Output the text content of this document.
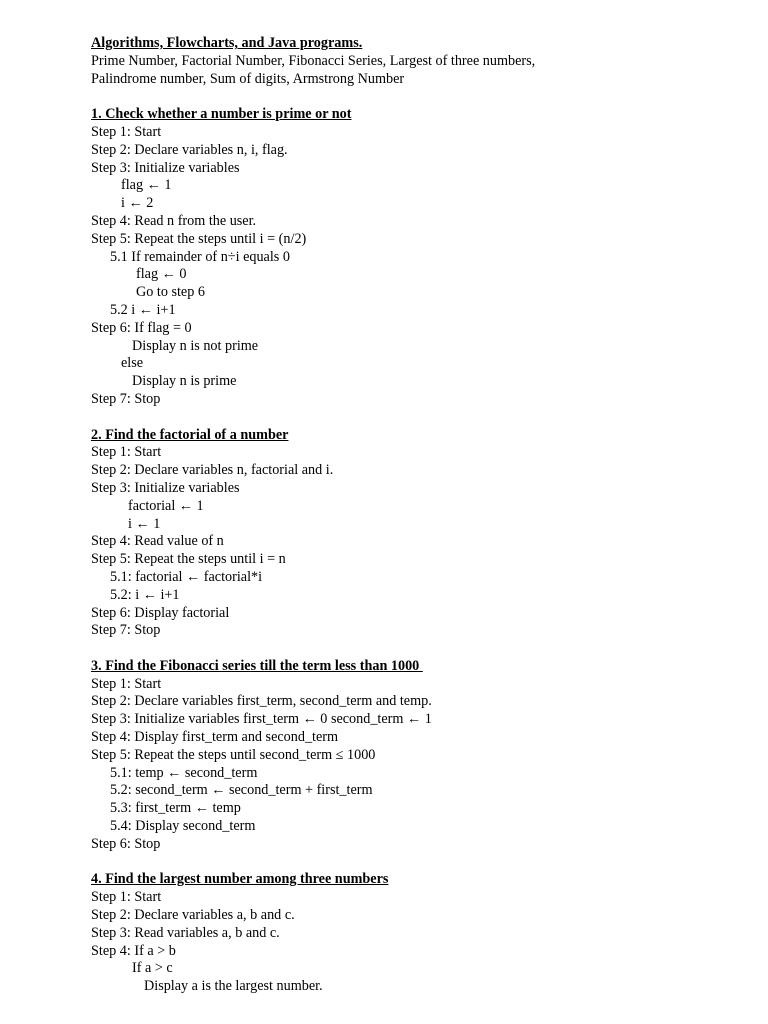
Algorithms, Flowcharts, and Java programs.
Prime Number, Factorial Number, Fibonacci Series, Largest of three numbers,
Palindrome number, Sum of digits, Armstrong Number
1. Check whether a number is prime or not
Step 1: Start
Step 2: Declare variables n, i, flag.
Step 3: Initialize variables
flag ← 1
i ← 2
Step 4: Read n from the user.
Step 5: Repeat the steps until i = (n/2)
5.1 If remainder of n÷i equals 0
flag ← 0
Go to step 6
5.2 i ← i+1
Step 6: If flag = 0
Display n is not prime
else
Display n is prime
Step 7: Stop
2. Find the factorial of a number
Step 1: Start
Step 2: Declare variables n, factorial and i.
Step 3: Initialize variables
factorial ← 1
i ← 1
Step 4: Read value of n
Step 5: Repeat the steps until i = n
5.1: factorial ← factorial*i
5.2: i ← i+1
Step 6: Display factorial
Step 7: Stop
3. Find the Fibonacci series till the term less than 1000
Step 1: Start
Step 2: Declare variables first_term, second_term and temp.
Step 3: Initialize variables first_term ← 0 second_term ← 1
Step 4: Display first_term and second_term
Step 5: Repeat the steps until second_term ≤ 1000
5.1: temp ← second_term
5.2: second_term ← second_term + first_term
5.3: first_term ← temp
5.4: Display second_term
Step 6: Stop
4. Find the largest number among three numbers
Step 1: Start
Step 2: Declare variables a, b and c.
Step 3: Read variables a, b and c.
Step 4: If a > b
If a > c
Display a is the largest number.
